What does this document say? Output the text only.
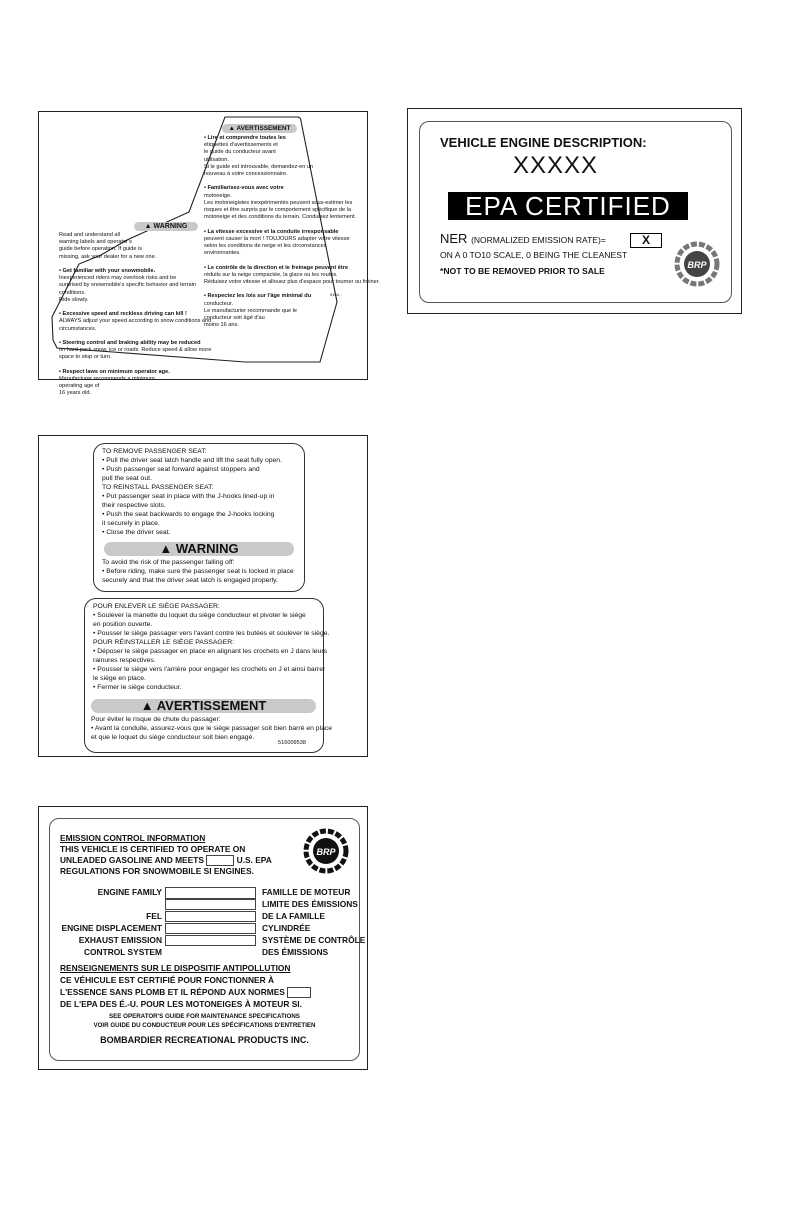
▲ AVERTISSEMENT
• Lire et comprendre toutes les
étiquettes d'avertissements et
le guide du conducteur avant
utilisation.
Si le guide est introuvable, demandez-en un
nouveau à votre concessionnaire.

• Familiarisez-vous avec votre
motoneige.
Les motoneigistes inexpérimentés peuvent sous-estimer les
risques et être surpris par le comportement spécifique de la
motoneige et des conditions du terrain. Conduisez lentement.

• La vitesse excessive et la conduite irresponsable
peuvent causer la mort ! TOUJOURS adapter votre vitesse
selon les conditions de neige et les circonstances
environnantes.

• Le contrôle de la direction et le freinage peuvent être
réduits sur la neige compactée, la glace ou les routes.
Réduisez votre vitesse et allouez plus d'espace pour tourner ou freiner.

• Respectez les lois sur l'âge minimal du
conducteur.
Le manufacturier recommande que le
conducteur soit âgé d'au
moins 16 ans.
▲ WARNING
Read and understand all
warning labels and operator's
guide before operation. If guide is
missing, ask your dealer for a new one.

• Get familiar with your snowmobile.
Inexperienced riders may overlook risks and be
surprised by snowmobile's specific behavior and terrain
conditions.
Ride slowly.

• Excessive speed and reckless driving can kill !
ALWAYS adjust your speed according to snow conditions and
circumstances.

• Steering control and braking ability may be reduced
on hard-pack snow, ice or roads. Reduce speed & allow more
space to stop or turn.

• Respect laws on minimum operator age.
Manufacturer recommends a minimum
operating age of
16 years old.
5104...
VEHICLE ENGINE DESCRIPTION:
XXXXX
EPA CERTIFIED
NER (NORMALIZED EMISSION RATE)=	X
ON A 0 TO10 SCALE, 0 BEING THE CLEANEST
*NOT TO BE REMOVED PRIOR TO SALE
BRP
TO REMOVE PASSENGER SEAT:
• Pull the driver seat latch handle and lift the seat fully open.
• Push passenger seat forward against stoppers and
pull the seat out.
TO REINSTALL PASSENGER SEAT:
• Put passenger seat in place with the J-hooks lined-up in
their respective slots.
• Push the seat backwards to engage the J-hooks locking
it securely in place.
• Close the driver seat.
▲ WARNING
To avoid the risk of the passenger falling off:
• Before riding, make sure the passenger seat is locked in place
securely and that the driver seat latch is engaged properly.
POUR ENLEVER LE SIÈGE PASSAGER:
• Soulever la manette du loquet du siège conducteur et pivoter le siège
en position ouverte.
• Pousser le siège passager vers l'avant contre les butées et soulever le siège.
POUR RÉINSTALLER LE SIÈGE PASSAGER:
• Déposer le siège passager en place en alignant les crochets en J dans leurs
rainures respectives.
• Pousser le siège vers l'arrière pour engager les crochets en J et ainsi barrer
le siège en place.
• Fermer le siège conducteur.
▲ AVERTISSEMENT
Pour éviter le risque de chute du passager:
• Avant la conduite, assurez-vous que le siège passager soit bien barré en place
et que le loquet du siège conducteur soit bien engagé.
516009538
EMISSION CONTROL INFORMATION
THIS VEHICLE IS CERTIFIED TO OPERATE ON
UNLEADED GASOLINE AND MEETS	U.S. EPA
REGULATIONS FOR SNOWMOBILE SI ENGINES.
BRP
ENGINE FAMILY

FEL
ENGINE DISPLACEMENT
EXHAUST EMISSION
CONTROL SYSTEM
FAMILLE DE MOTEUR
LIMITE DES ÉMISSIONS
DE LA FAMILLE
CYLINDRÉE
SYSTÈME DE CONTRÔLE
DES ÉMISSIONS
RENSEIGNEMENTS SUR LE DISPOSITIF ANTIPOLLUTION
CE VÉHICULE EST CERTIFIÉ POUR FONCTIONNER À
L'ESSENCE SANS PLOMB ET IL RÉPOND AUX NORMES
DE L'EPA DES É.-U. POUR LES MOTONEIGES À MOTEUR SI.
SEE OPERATOR'S GUIDE FOR MAINTENANCE SPECIFICATIONS
VOIR GUIDE DU CONDUCTEUR POUR LES SPÉCIFICATIONS D'ENTRETIEN
BOMBARDIER RECREATIONAL PRODUCTS INC.
